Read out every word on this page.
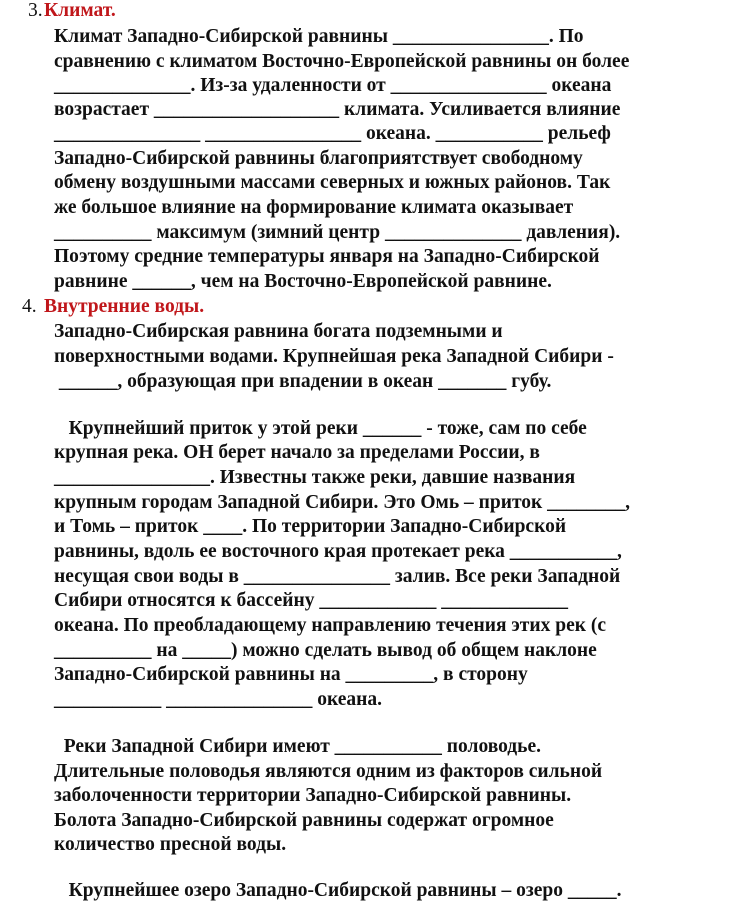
3. Климат.

Климат Западно-Сибирской равнины ________________. По

сравнению с климатом Восточно-Европейской равнины он более

______________. Из-за удаленности от ________________ океана

возрастает ___________________ климата. Усиливается влияние

_______________ ________________ океана. ___________ рельеф

Западно-Сибирской равнины благоприятствует свободному

обмену воздушными массами северных и южных районов. Так

же большое влияние на формирование климата оказывает

__________ максимум (зимний центр ______________ давления).

Поэтому средние температуры января на Западно-Сибирской

равнине ______, чем на Восточно-Европейской равнине.

4. Внутренние воды.

Западно-Сибирская равнина богата подземными и

поверхностными водами. Крупнейшая река Западной Сибири -

______, образующая при впадении в океан _______ губу.

Крупнейший приток у этой реки ______ - тоже, сам по себе

крупная река. ОН берет начало за пределами России, в

________________. Известны также реки, давшие названия

крупным городам Западной Сибири. Это Омь – приток ________,

и Томь – приток ____. По территории Западно-Сибирской

равнины, вдоль ее восточного края протекает река ___________,

несущая свои воды в _______________ залив. Все реки Западной

Сибири относятся к бассейну ____________ _____________

океана. По преобладающему направлению течения этих рек (с

__________ на _____) можно сделать вывод об общем наклоне

Западно-Сибирской равнины на _________, в сторону

___________ _______________ океана.

Реки Западной Сибири имеют ___________ половодье.

Длительные половодья являются одним из факторов сильной

заболоченности территории Западно-Сибирской равнины.

Болота Западно-Сибирской равнины содержат огромное

количество пресной воды.

Крупнейшее озеро Западно-Сибирской равнины – озеро _____.
